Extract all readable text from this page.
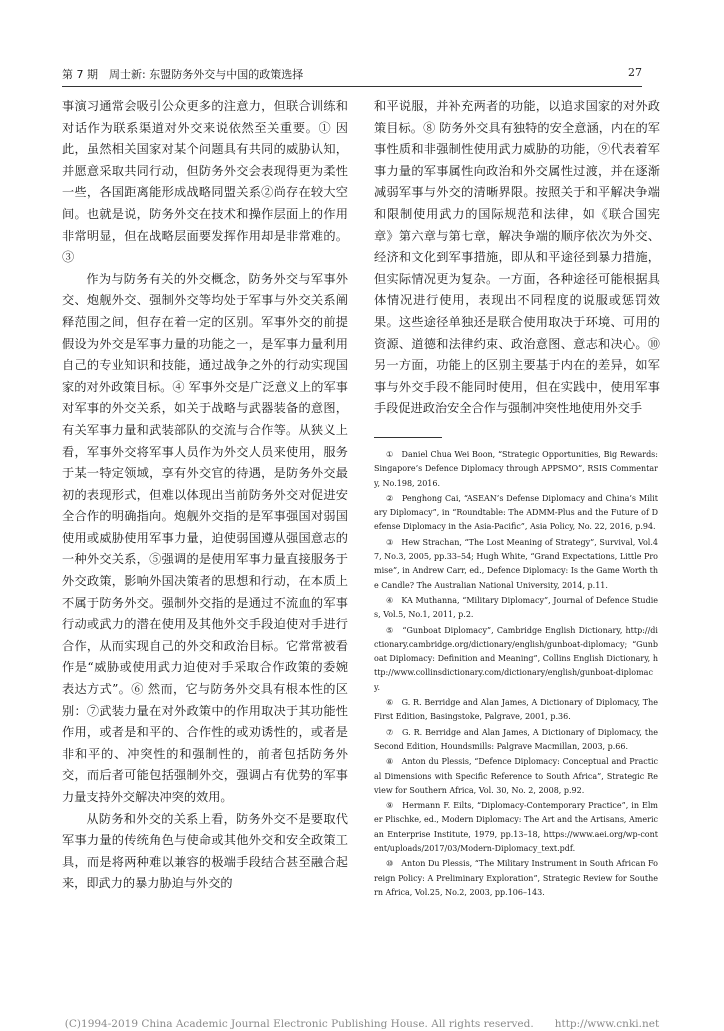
第 7 期　周士新: 东盟防务外交与中国的政策选择	27

事演习通常会吸引公众更多的注意力，但联合训练和对话作为联系渠道对外交来说依然至关重要。① 因此，虽然相关国家对某个问题具有共同的威胁认知，并愿意采取共同行动，但防务外交会表现得更为柔性一些，各国距离能形成战略同盟关系②尚存在较大空间。也就是说，防务外交在技术和操作层面上的作用非常明显，但在战略层面要发挥作用却是非常难的。③

作为与防务有关的外交概念，防务外交与军事外交、炮舰外交、强制外交等均处于军事与外交关系阐释范围之间，但存在着一定的区别。军事外交的前提假设为外交是军事力量的功能之一，是军事力量利用自己的专业知识和技能，通过战争之外的行动实现国家的对外政策目标。④ 军事外交是广泛意义上的军事对军事的外交关系，如关于战略与武器装备的意图，有关军事力量和武装部队的交流与合作等。从狭义上看，军事外交将军事人员作为外交人员来使用，服务于某一特定领域，享有外交官的待遇，是防务外交最初的表现形式，但难以体现出当前防务外交对促进安全合作的明确指向。炮舰外交指的是军事强国对弱国使用或威胁使用军事力量，迫使弱国遵从强国意志的一种外交关系，⑤强调的是使用军事力量直接服务于外交政策，影响外国决策者的思想和行动，在本质上不属于防务外交。强制外交指的是通过不流血的军事行动或武力的潜在使用及其他外交手段迫使对手进行合作，从而实现自己的外交和政治目标。它常常被看作是“威胁或使用武力迫使对手采取合作政策的委婉表达方式”。⑥ 然而，它与防务外交具有根本性的区别：⑦武装力量在对外政策中的作用取决于其功能性作用，或者是和平的、合作性的或劝诱性的，或者是非和平的、冲突性的和强制性的，前者包括防务外交，而后者可能包括强制外交，强调占有优势的军事力量支持外交解决冲突的效用。

从防务和外交的关系上看，防务外交不是要取代军事力量的传统角色与使命或其他外交和安全政策工具，而是将两种难以兼容的极端手段结合甚至融合起来，即武力的暴力胁迫与外交的

和平说服，并补充两者的功能，以追求国家的对外政策目标。⑧ 防务外交具有独特的安全意涵，内在的军事性质和非强制性使用武力威胁的功能，⑨代表着军事力量的军事属性向政治和外交属性过渡，并在逐渐减弱军事与外交的清晰界限。按照关于和平解决争端和限制使用武力的国际规范和法律，如《联合国宪章》第六章与第七章，解决争端的顺序依次为外交、经济和文化到军事措施，即从和平途径到暴力措施，但实际情况更为复杂。一方面，各种途径可能根据具体情况进行使用，表现出不同程度的说服或惩罚效果。这些途径单独还是联合使用取决于环境、可用的资源、道德和法律约束、政治意图、意志和决心。⑩ 另一方面，功能上的区别主要基于内在的差异，如军事与外交手段不能同时使用，但在实践中，使用军事手段促进政治安全合作与强制冲突性地使用外交手

①　Daniel Chua Wei Boon, “Strategic Opportunities, Big Rewards: Singapore’s Defence Diplomacy through APPSMO”, RSIS Commentary, No.198, 2016.

②　Penghong Cai, “ASEAN’s Defense Diplomacy and China’s Military Diplomacy”, in “Roundtable: The ADMM-Plus and the Future of Defense Diplomacy in the Asia-Pacific”, Asia Policy, No. 22, 2016, p.94.

③　Hew Strachan, “The Lost Meaning of Strategy”, Survival, Vol.47, No.3, 2005, pp.33–54; Hugh White, “Grand Expectations, Little Promise”, in Andrew Carr, ed., Defence Diplomacy: Is the Game Worth the Candle? The Australian National University, 2014, p.11.

④　KA Muthanna, “Military Diplomacy”, Journal of Defence Studies, Vol.5, No.1, 2011, p.2.

⑤　“Gunboat Diplomacy”, Cambridge English Dictionary, http://dictionary.cambridge.org/dictionary/english/gunboat-diplomacy; “Gunboat Diplomacy: Definition and Meaning”, Collins English Dictionary, http://www.collinsdictionary.com/dictionary/english/gunboat-diplomacy.

⑥　G. R. Berridge and Alan James, A Dictionary of Diplomacy, The First Edition, Basingstoke, Palgrave, 2001, p.36.

⑦　G. R. Berridge and Alan James, A Dictionary of Diplomacy, the Second Edition, Houndsmills: Palgrave Macmillan, 2003, p.66.

⑧　Anton du Plessis, “Defence Diplomacy: Conceptual and Practical Dimensions with Specific Reference to South Africa”, Strategic Review for Southern Africa, Vol. 30, No. 2, 2008, p.92.

⑨　Hermann F. Eilts, “Diplomacy-Contemporary Practice”, in Elmer Plischke, ed., Modern Diplomacy: The Art and the Artisans, American Enterprise Institute, 1979, pp.13–18, https://www.aei.org/wp-content/uploads/2017/03/Modern-Diplomacy_text.pdf.

⑩　Anton Du Plessis, “The Military Instrument in South African Foreign Policy: A Preliminary Exploration”, Strategic Review for Southern Africa, Vol.25, No.2, 2003, pp.106–143.

(C)1994-2019 China Academic Journal Electronic Publishing House. All rights reserved.　　http://www.cnki.net
